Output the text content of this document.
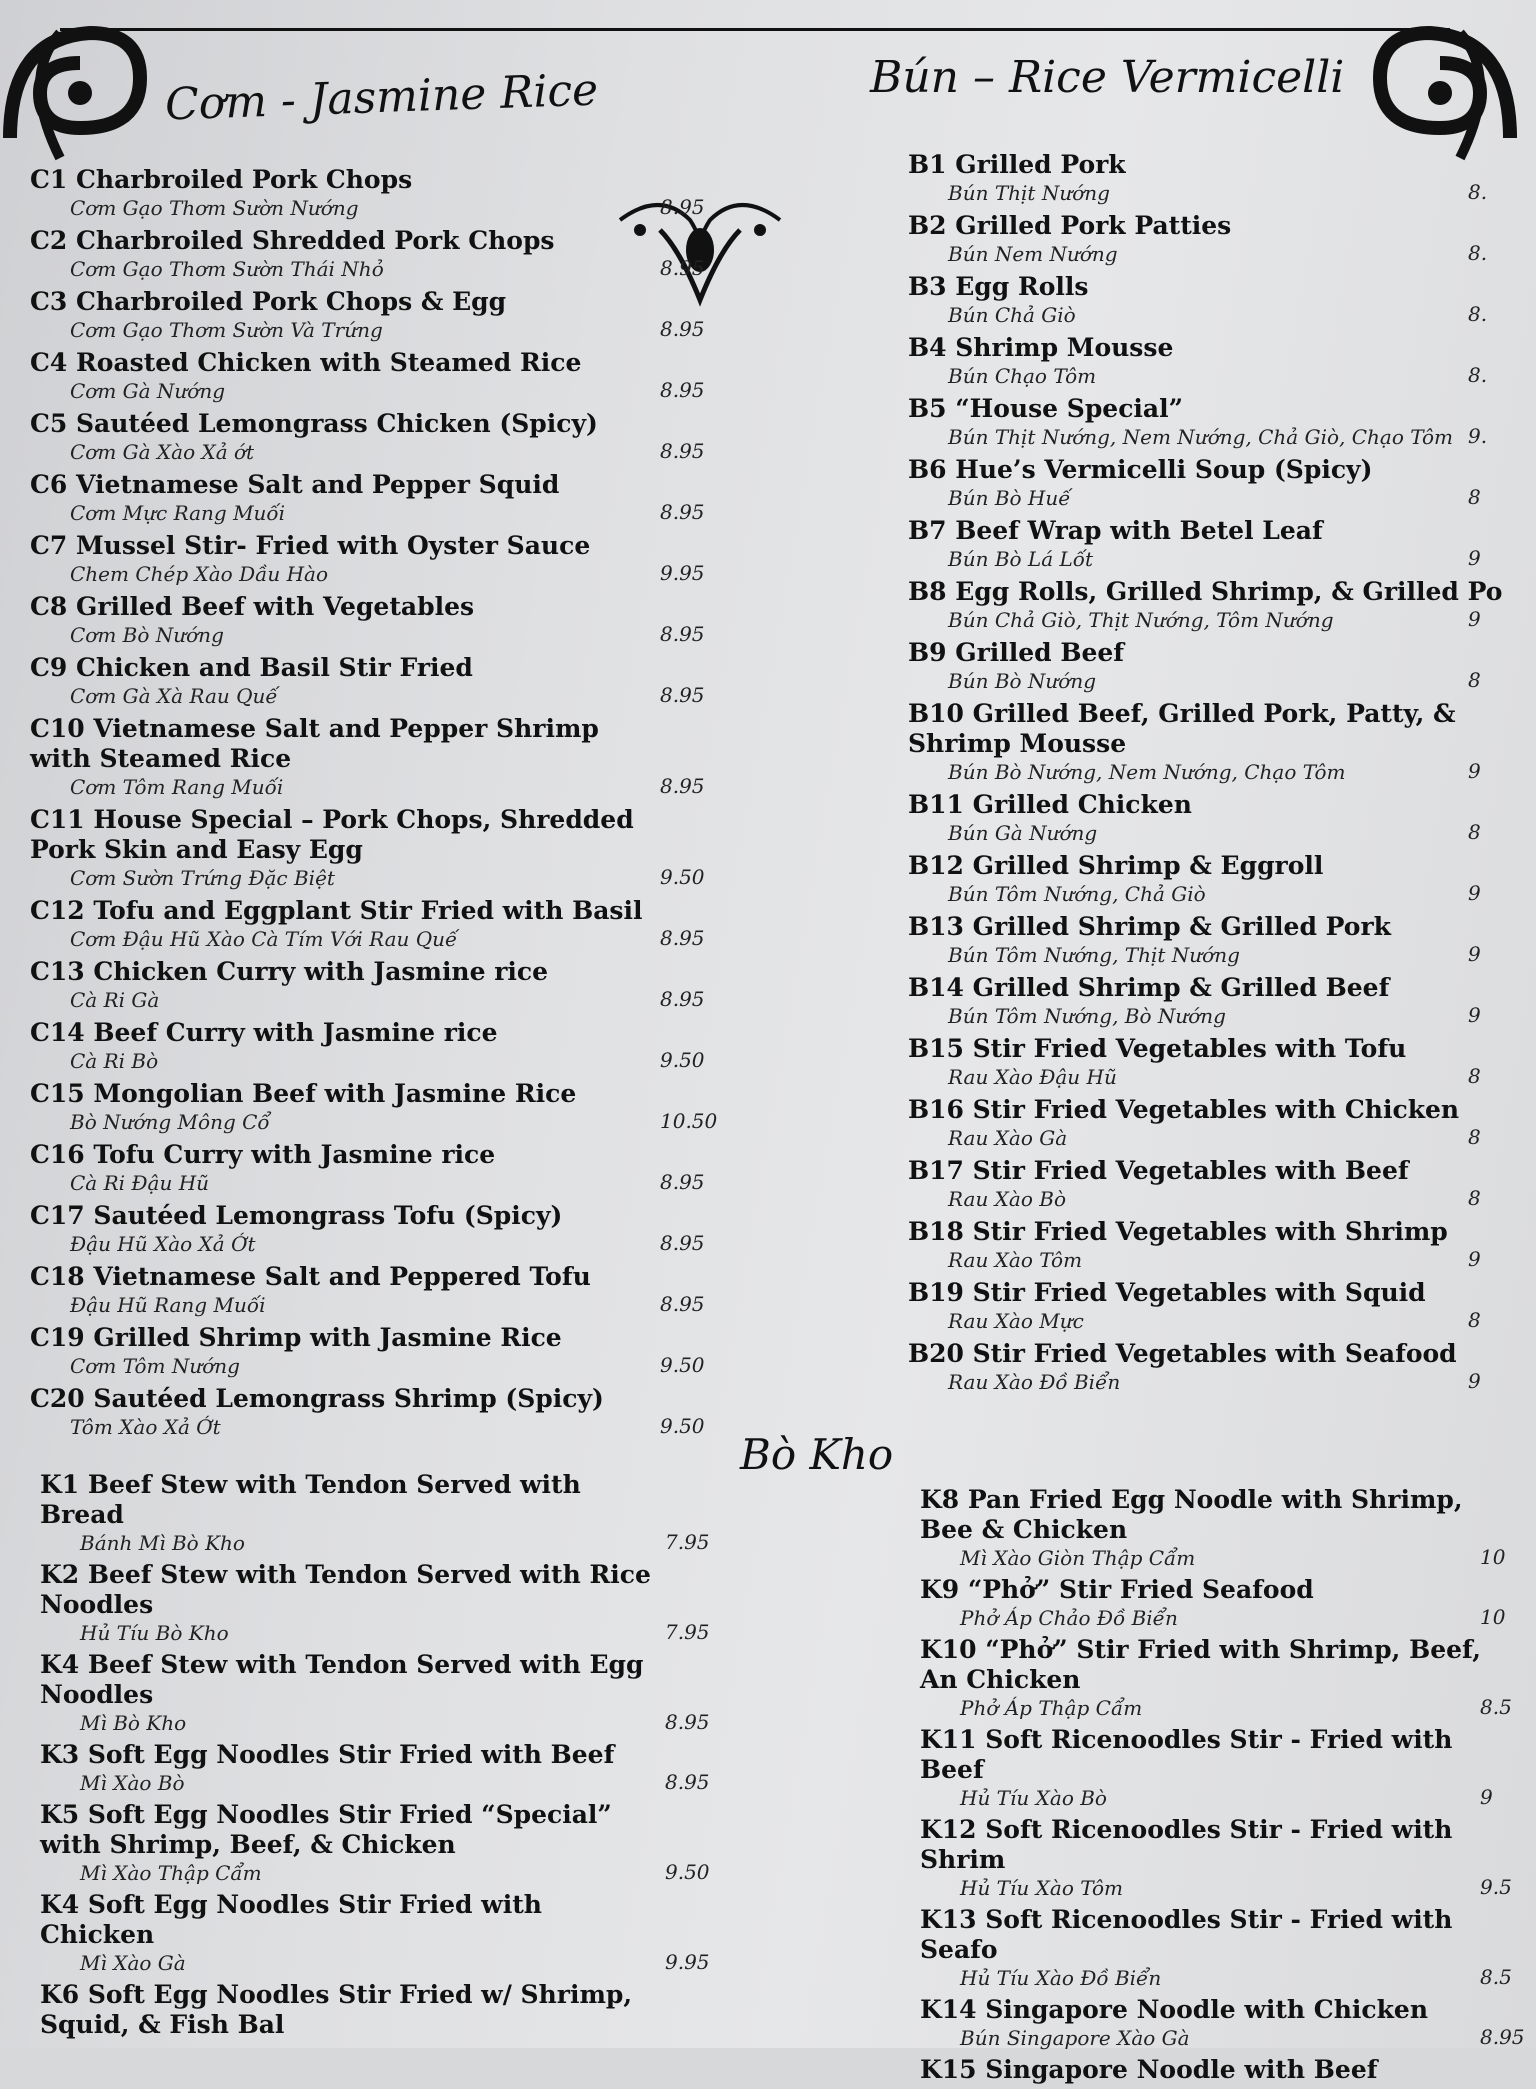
Cơm - Jasmine Rice	Bún – Rice Vermicelli
C1 Charbroiled Pork Chops
Cơm Gạo Thơm Sườn Nướng	8.95
C2 Charbroiled Shredded Pork Chops
Cơm Gạo Thơm Sườn Thái Nhỏ	8.95
C3 Charbroiled Pork Chops & Egg
Cơm Gạo Thơm Sườn Và Trứng	8.95
C4 Roasted Chicken with Steamed Rice
Cơm Gà Nướng	8.95
C5 Sautéed Lemongrass Chicken (Spicy)
Cơm Gà Xào Xả ớt	8.95
C6 Vietnamese Salt and Pepper Squid
Cơm Mực Rang Muối	8.95
C7 Mussel Stir- Fried with Oyster Sauce
Chem Chép Xào Dầu Hào	9.95
C8 Grilled Beef with Vegetables
Cơm Bò Nướng	8.95
C9 Chicken and Basil Stir Fried
Cơm Gà Xà Rau Quế	8.95
C10 Vietnamese Salt and Pepper Shrimp with Steamed Rice
Cơm Tôm Rang Muối	8.95
C11 House Special – Pork Chops, Shredded Pork Skin and Easy Egg
Cơm Sườn Trứng Đặc Biệt	9.50
C12 Tofu and Eggplant Stir Fried with Basil
Cơm Đậu Hũ Xào Cà Tím Với Rau Quế	8.95
C13 Chicken Curry with Jasmine rice
Cà Ri Gà	8.95
C14 Beef Curry with Jasmine rice
Cà Ri Bò	9.50
C15 Mongolian Beef with Jasmine Rice
Bò Nướng Mông Cổ	10.50
C16 Tofu Curry with Jasmine rice
Cà Ri Đậu Hũ	8.95
C17 Sautéed Lemongrass Tofu (Spicy)
Đậu Hũ Xào Xả Ớt	8.95
C18 Vietnamese Salt and Peppered Tofu
Đậu Hũ Rang Muối	8.95
C19 Grilled Shrimp with Jasmine Rice
Cơm Tôm Nướng	9.50
C20 Sautéed Lemongrass Shrimp (Spicy)
Tôm Xào Xả Ớt	9.50
B1 Grilled Pork
Bún Thịt Nướng	8.
B2 Grilled Pork Patties
Bún Nem Nướng	8.
B3 Egg Rolls
Bún Chả Giò	8.
B4 Shrimp Mousse
Bún Chạo Tôm	8.
B5 “House Special”
Bún Thịt Nướng, Nem Nướng, Chả Giò, Chạo Tôm 9.
B6 Hue’s Vermicelli Soup (Spicy)
Bún Bò Huế	8
B7 Beef Wrap with Betel Leaf
Bún Bò Lá Lốt	9
B8 Egg Rolls, Grilled Shrimp, & Grilled Po
Bún Chả Giò, Thịt Nướng, Tôm Nướng	9
B9 Grilled Beef
Bún Bò Nướng	8
B10 Grilled Beef, Grilled Pork, Patty, & Shrimp Mousse
Bún Bò Nướng, Nem Nướng, Chạo Tôm	9
B11 Grilled Chicken
Bún Gà Nướng	8
B12 Grilled Shrimp & Eggroll
Bún Tôm Nướng, Chả Giò	9
B13 Grilled Shrimp & Grilled Pork
Bún Tôm Nướng, Thịt Nướng	9
B14 Grilled Shrimp & Grilled Beef
Bún Tôm Nướng, Bò Nướng	9
B15 Stir Fried Vegetables with Tofu
Rau Xào Đậu Hũ	8
B16 Stir Fried Vegetables with Chicken
Rau Xào Gà	8
B17 Stir Fried Vegetables with Beef
Rau Xào Bò	8
B18 Stir Fried Vegetables with Shrimp
Rau Xào Tôm	9
B19 Stir Fried Vegetables with Squid
Rau Xào Mực	8
B20 Stir Fried Vegetables with Seafood
Rau Xào Đồ Biển	9
Bò Kho
K1 Beef Stew with Tendon Served with Bread
Bánh Mì Bò Kho	7.95
K2 Beef Stew with Tendon Served with Rice Noodles
Hủ Tíu Bò Kho	7.95
K4 Beef Stew with Tendon Served with Egg Noodles
Mì Bò Kho	8.95
K3 Soft Egg Noodles Stir Fried with Beef
Mì Xào Bò	8.95
K5 Soft Egg Noodles Stir Fried “Special” with Shrimp, Beef, & Chicken
Mì Xào Thập Cẩm	9.50
K4 Soft Egg Noodles Stir Fried with Chicken
Mì Xào Gà	9.95
K6 Soft Egg Noodles Stir Fried w/ Shrimp, Squid, & Fish Bal
K8 Pan Fried Egg Noodle with Shrimp, Bee & Chicken
Mì Xào Giòn Thập Cẩm	10
K9 “Phở” Stir Fried Seafood
Phở Áp Chảo Đồ Biển	10
K10 “Phở” Stir Fried with Shrimp, Beef, An Chicken
Phở Áp Thập Cẩm	8.5
K11 Soft Ricenoodles Stir - Fried with Beef
Hủ Tíu Xào Bò	9
K12 Soft Ricenoodles Stir - Fried with Shrim
Hủ Tíu Xào Tôm	9.5
K13 Soft Ricenoodles Stir - Fried with Seafo
Hủ Tíu Xào Đồ Biển	8.5
K14 Singapore Noodle with Chicken
Bún Singapore Xào Gà	8.95
K15 Singapore Noodle with Beef
